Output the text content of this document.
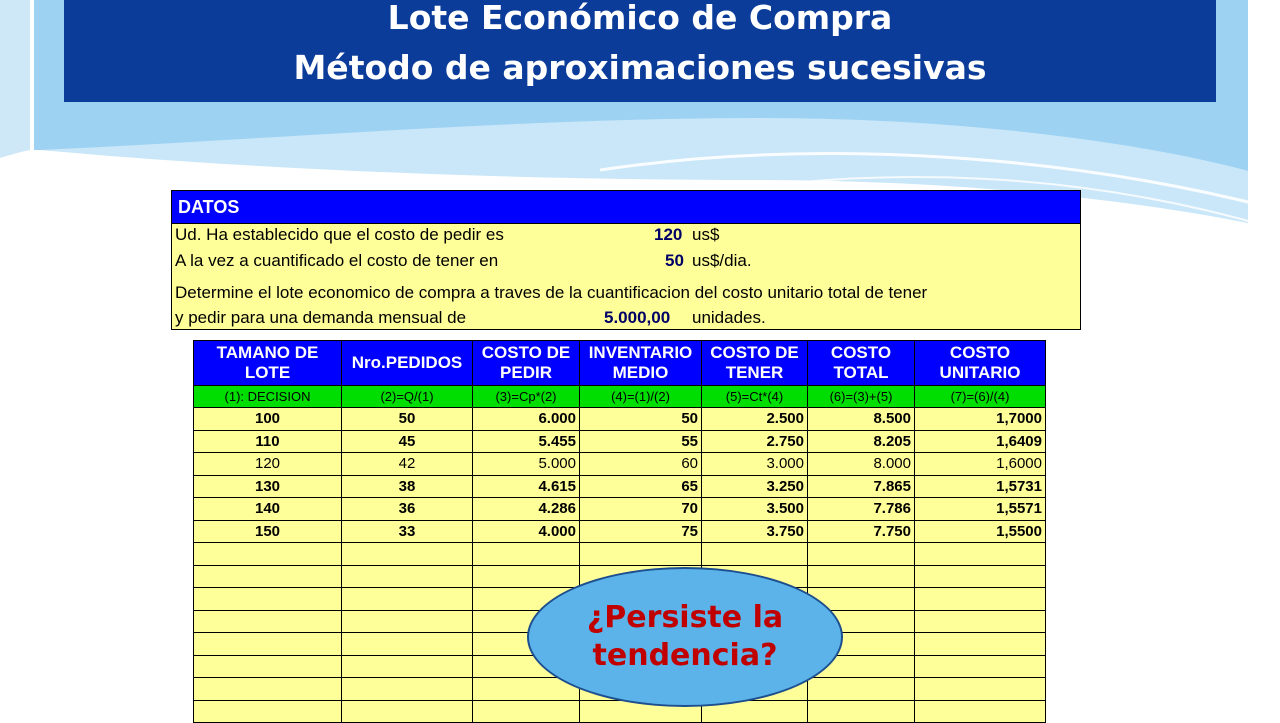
Lote Económico de Compra
Método de aproximaciones sucesivas
DATOS
Ud. Ha establecido que el costo de pedir es	120 us$
A la vez a cuantificado el costo de tener en	50 us$/dia.
Determine el lote economico de compra a traves de la cuantificacion del costo unitario total de tener
y pedir para una demanda mensual de	5.000,00 unidades.
TAMANO DE LOTE	Nro.PEDIDOS	COSTO DE PEDIR	INVENTARIO MEDIO	COSTO DE TENER	COSTO TOTAL	COSTO UNITARIO
(1): DECISION	(2)=Q/(1)	(3)=Cp*(2)	(4)=(1)/(2)	(5)=Ct*(4)	(6)=(3)+(5)	(7)=(6)/(4)
100	50	6.000	50	2.500	8.500	1,7000
110	45	5.455	55	2.750	8.205	1,6409
120	42	5.000	60	3.000	8.000	1,6000
130	38	4.615	65	3.250	7.865	1,5731
140	36	4.286	70	3.500	7.786	1,5571
150	33	4.000	75	3.750	7.750	1,5500

¿Persiste la
tendencia?
